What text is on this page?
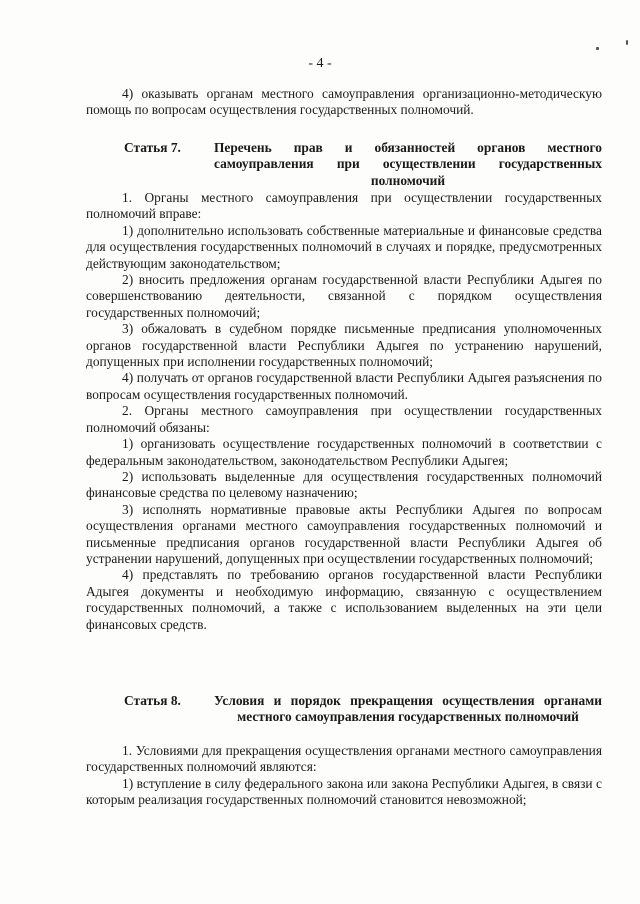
- 4 -

4) оказывать органам местного самоуправления организационно-методическую помощь по вопросам осуществления государственных полномочий.

Статья 7.	Перечень прав и обязанностей органов местного самоуправления при осуществлении государственных полномочий

1. Органы местного самоуправления при осуществлении государственных полномочий вправе:

1) дополнительно использовать собственные материальные и финансовые средства для осуществления государственных полномочий в случаях и порядке, предусмотренных действующим законодательством;

2) вносить предложения органам государственной власти Республики Адыгея по совершенствованию деятельности, связанной с порядком осуществления государственных полномочий;

3) обжаловать в судебном порядке письменные предписания уполномоченных органов государственной власти Республики Адыгея по устранению нарушений, допущенных при исполнении государственных полномочий;

4) получать от органов государственной власти Республики Адыгея разъяснения по вопросам осуществления государственных полномочий.

2. Органы местного самоуправления при осуществлении государственных полномочий обязаны:

1) организовать осуществление государственных полномочий в соответствии с федеральным законодательством, законодательством Республики Адыгея;

2) использовать выделенные для осуществления государственных полномочий финансовые средства по целевому назначению;

3) исполнять нормативные правовые акты Республики Адыгея по вопросам осуществления органами местного самоуправления государственных полномочий и письменные предписания органов государственной власти Республики Адыгея об устранении нарушений, допущенных при осуществлении государственных полномочий;

4) представлять по требованию органов государственной власти Республики Адыгея документы и необходимую информацию, связанную с осуществлением государственных полномочий, а также с использованием выделенных на эти цели финансовых средств.

Статья 8.	Условия и порядок прекращения осуществления органами местного самоуправления государственных полномочий

1. Условиями для прекращения осуществления органами местного самоуправления государственных полномочий являются:

1) вступление в силу федерального закона или закона Республики Адыгея, в связи с которым реализация государственных полномочий становится невозможной;
